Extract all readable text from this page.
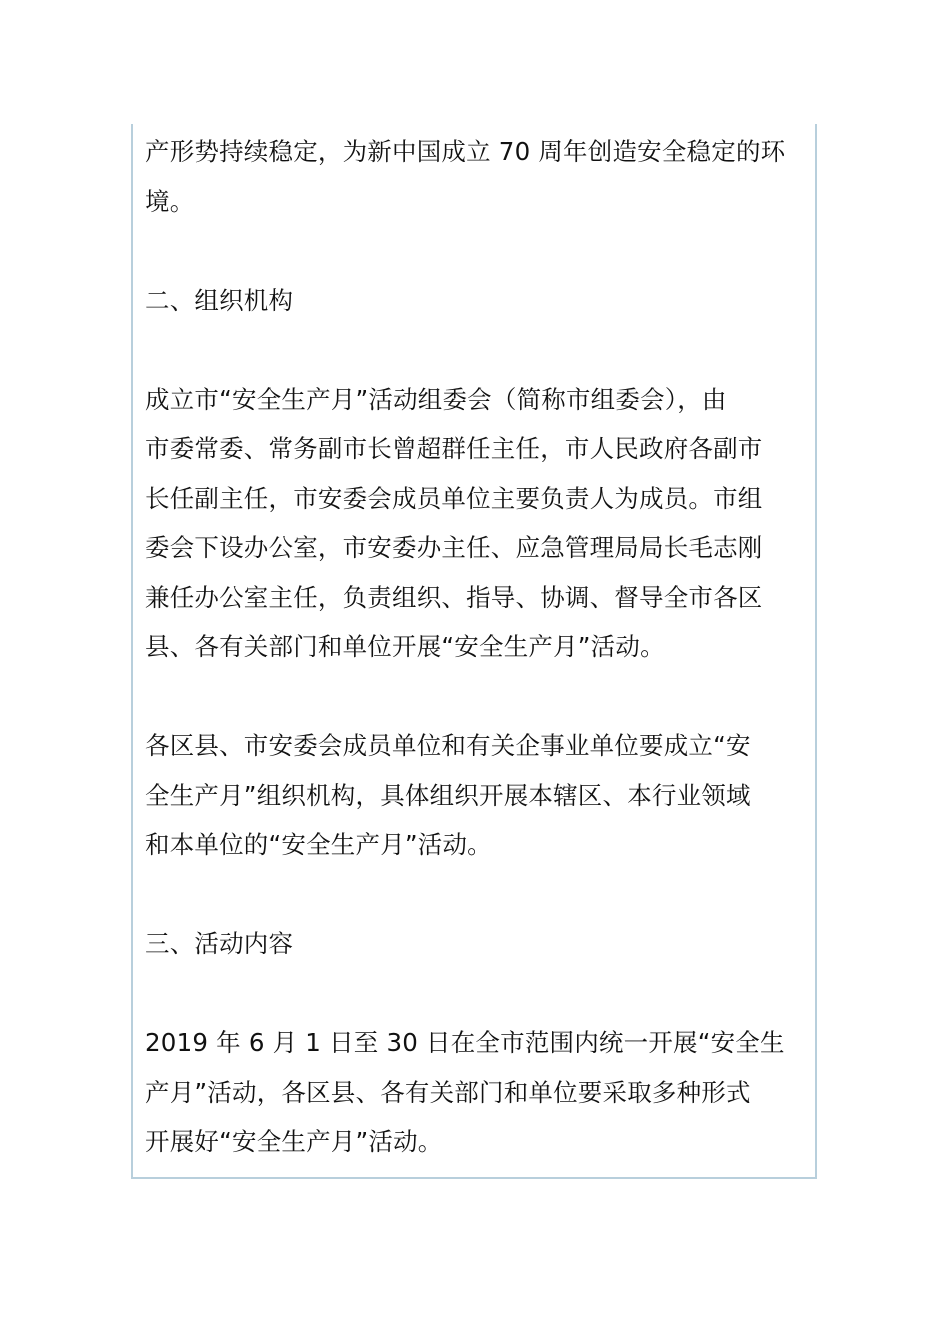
产形势持续稳定，为新中国成立 70 周年创造安全稳定的环
境。

二、组织机构

成立市“安全生产月”活动组委会（简称市组委会），由
市委常委、常务副市长曾超群任主任，市人民政府各副市
长任副主任，市安委会成员单位主要负责人为成员。市组
委会下设办公室，市安委办主任、应急管理局局长毛志刚
兼任办公室主任，负责组织、指导、协调、督导全市各区
县、各有关部门和单位开展“安全生产月”活动。

各区县、市安委会成员单位和有关企事业单位要成立“安
全生产月”组织机构，具体组织开展本辖区、本行业领域
和本单位的“安全生产月”活动。

三、活动内容

2019 年 6 月 1 日至 30 日在全市范围内统一开展“安全生
产月”活动，各区县、各有关部门和单位要采取多种形式
开展好“安全生产月”活动。
